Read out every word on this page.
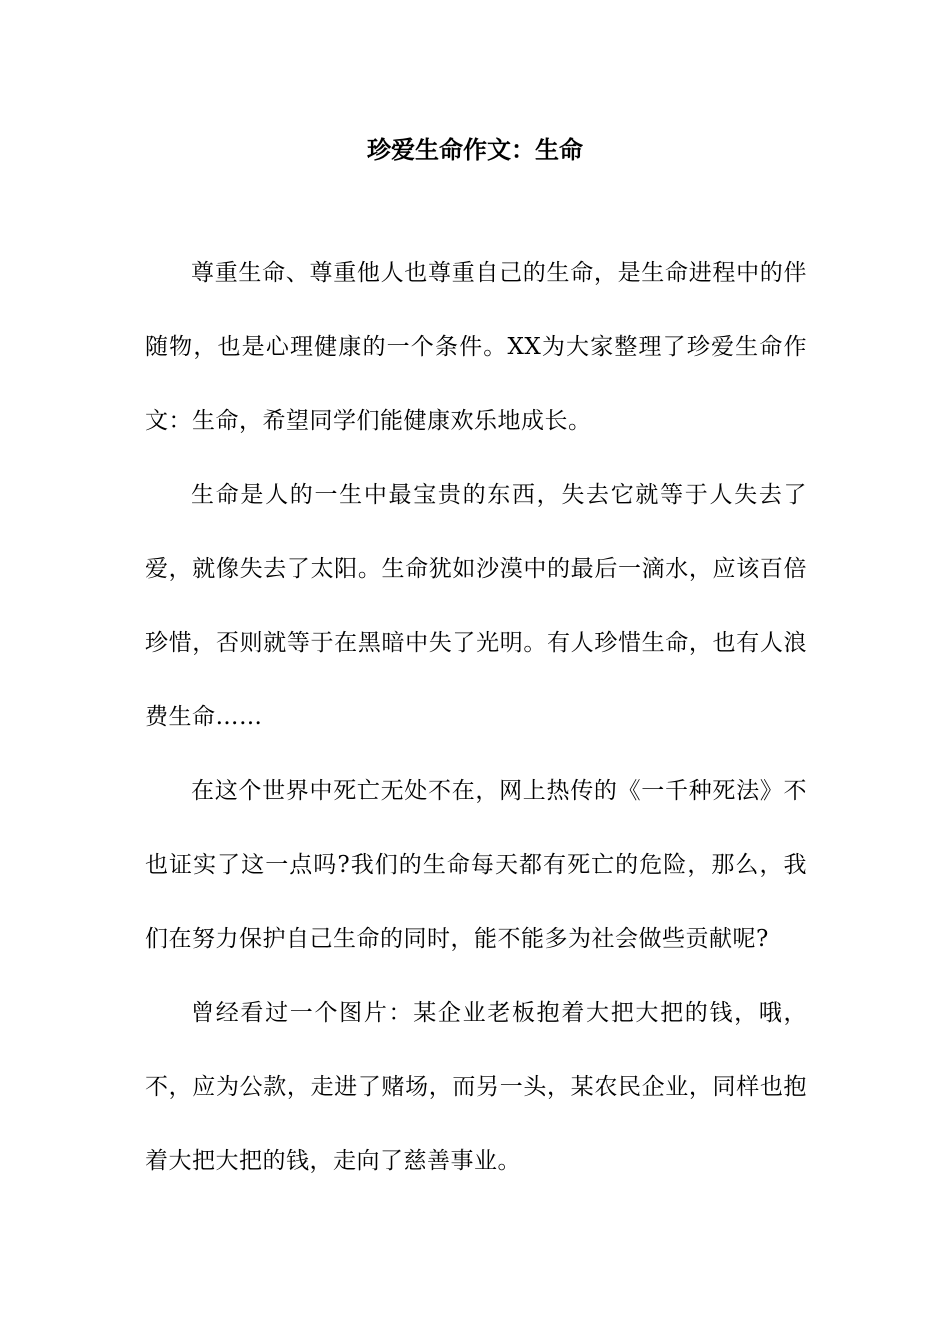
珍爱生命作文：生命

尊重生命、尊重他人也尊重自己的生命，是生命进程中的伴随物，也是心理健康的一个条件。XX为大家整理了珍爱生命作文：生命，希望同学们能健康欢乐地成长。

生命是人的一生中最宝贵的东西，失去它就等于人失去了爱，就像失去了太阳。生命犹如沙漠中的最后一滴水，应该百倍珍惜，否则就等于在黑暗中失了光明。有人珍惜生命，也有人浪费生命……

在这个世界中死亡无处不在，网上热传的《一千种死法》不也证实了这一点吗?我们的生命每天都有死亡的危险，那么，我们在努力保护自己生命的同时，能不能多为社会做些贡献呢?

曾经看过一个图片：某企业老板抱着大把大把的钱，哦，不，应为公款，走进了赌场，而另一头，某农民企业，同样也抱着大把大把的钱，走向了慈善事业。
